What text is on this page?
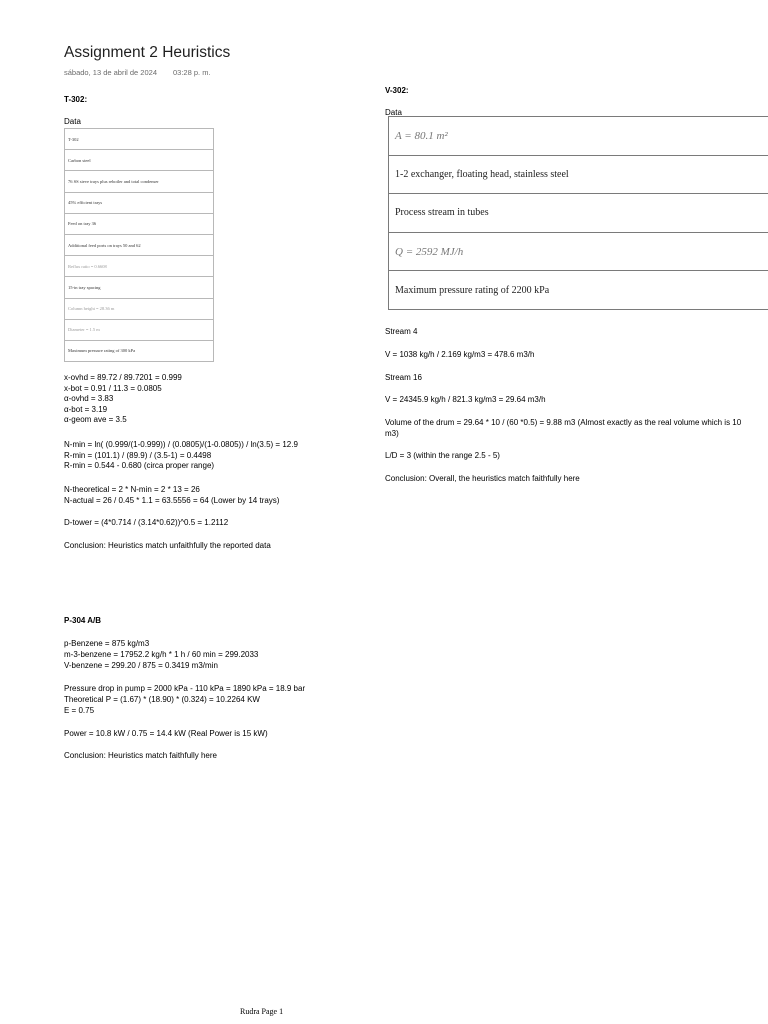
Assignment 2 Heuristics
sábado, 13 de abril de 2024 03:28 p. m.
T-302:
Data
T-302
Carbon steel
76 SS sieve trays plus reboiler and total condenser
45% efficient trays
Feed on tray 36
Additional feed ports on trays 50 and 62
Reflux ratio = 0.6608
15-in tray spacing
Column height = 28.36 m
Diameter = 1.5 m
Maximum pressure rating of 300 kPa
x-ovhd = 89.72 / 89.7201 = 0.999
x-bot = 0.91 / 11.3 = 0.0805
α-ovhd = 3.83
α-bot = 3.19
α-geom ave = 3.5
N-min = ln( (0.999/(1-0.999)) / (0.0805)/(1-0.0805)) / ln(3.5) = 12.9
R-min = (101.1) / (89.9) / (3.5-1) = 0.4498
R-min = 0.544 - 0.680 (circa proper range)
N-theoretical = 2 * N-min = 2 * 13 = 26
N-actual = 26 / 0.45 * 1.1 = 63.5556 = 64 (Lower by 14 trays)
D-tower = (4*0.714 / (3.14*0.62))^0.5 = 1.2112
Conclusion: Heuristics match unfaithfully the reported data
P-304 A/B
p-Benzene = 875 kg/m3
m-3-benzene = 17952.2 kg/h * 1 h / 60 min = 299.2033
V-benzene = 299.20 / 875 = 0.3419 m3/min
Pressure drop in pump = 2000 kPa - 110 kPa = 1890 kPa = 18.9 bar
Theoretical P = (1.67) * (18.90) * (0.324) = 10.2264 KW
E = 0.75
Power = 10.8 kW / 0.75 = 14.4 kW (Real Power is 15 kW)
Conclusion: Heuristics match faithfully here
V-302:
Data
A = 80.1 m²
1-2 exchanger, floating head, stainless steel
Process stream in tubes
Q = 2592 MJ/h
Maximum pressure rating of 2200 kPa
Stream 4
V = 1038 kg/h / 2.169 kg/m3 = 478.6 m3/h
Stream 16
V = 24345.9 kg/h / 821.3 kg/m3 = 29.64 m3/h
Volume of the drum = 29.64 * 10 / (60 *0.5) = 9.88 m3 (Almost exactly as the real volume which is 10 m3)
L/D = 3 (within the range 2.5 - 5)
Conclusion: Overall, the heuristics match faithfully here
Rudra Page 1
